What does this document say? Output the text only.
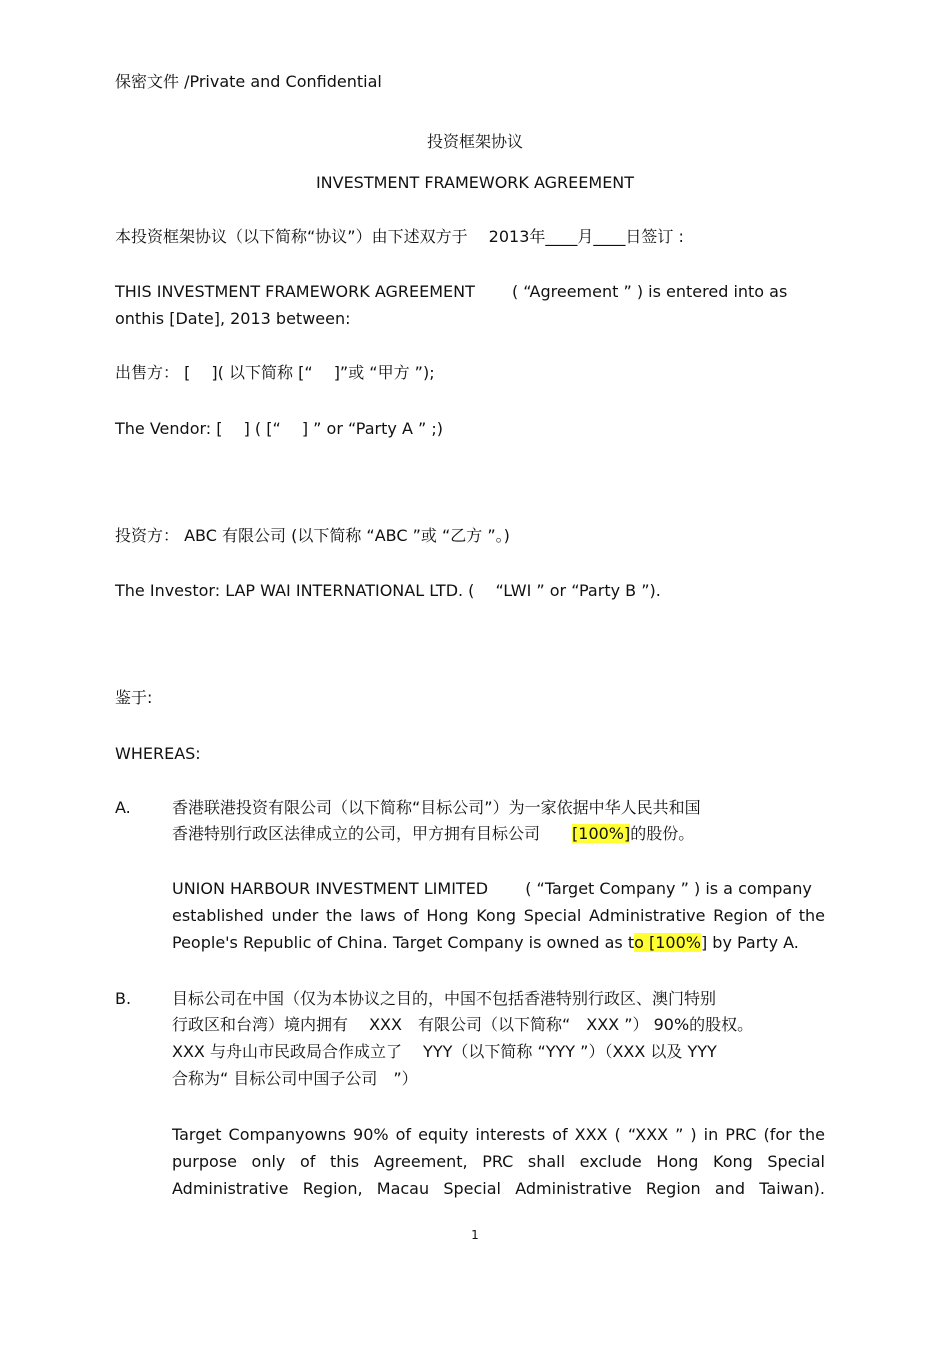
保密文件 /Private and Confidential
投资框架协议
INVESTMENT FRAMEWORK AGREEMENT
本投资框架协议（以下简称“协议”）由下述双方于　 2013年____月____日签订 :
THIS INVESTMENT FRAMEWORK AGREEMENT　　 ( “Agreement ” ) is entered into as
onthis [Date], 2013 between:
出售方： [　 ]( 以下简称 [“　 ]”或 “甲方 ”);
The Vendor: [　 ] ( [“　 ] ” or “Party A ” ;)
投资方： ABC 有限公司 (以下简称 “ABC ”或 “乙方 ”。)
The Investor: LAP WAI INTERNATIONAL LTD. (　 “LWI ” or “Party B ”).
鉴于:
WHEREAS:
A.	香港联港投资有限公司（以下简称“目标公司”）为一家依据中华人民共和国
香港特别行政区法律成立的公司，甲方拥有目标公司　　[100%]的股份。
UNION HARBOUR INVESTMENT LIMITED　　 ( “Target Company ” ) is a company
established under the laws of Hong Kong Special Administrative Region of the
People's Republic of China. Target Company is owned as to [100%] by Party A.
B.	目标公司在中国（仅为本协议之目的，中国不包括香港特别行政区、澳门特别
行政区和台湾）境内拥有　 XXX　有限公司（以下简称“　XXX ”） 90%的股权。
XXX 与舟山市民政局合作成立了　 YYY（以下简称 “YYY ”）（XXX 以及 YYY
合称为“ 目标公司中国子公司　”）
Target Companyowns 90% of equity interests of XXX ( “XXX ” ) in PRC (for the
purpose only of this Agreement, PRC shall exclude Hong Kong Special
Administrative Region, Macau Special Administrative Region and Taiwan).
1
